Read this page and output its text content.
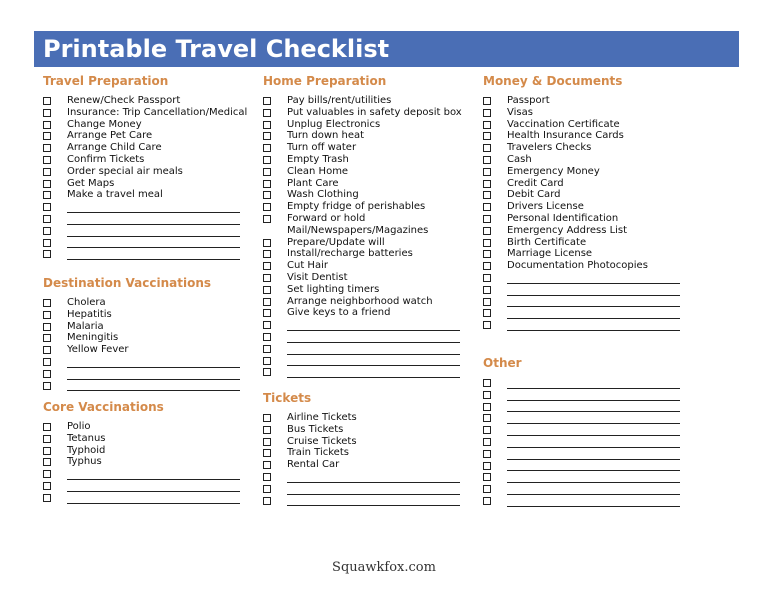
Printable Travel Checklist
Travel Preparation
Renew/Check Passport
Insurance: Trip Cancellation/Medical
Change Money
Arrange Pet Care
Arrange Child Care
Confirm Tickets
Order special air meals
Get Maps
Make a travel meal
Destination Vaccinations
Cholera
Hepatitis
Malaria
Meningitis
Yellow Fever
Core Vaccinations
Polio
Tetanus
Typhoid
Typhus
Home Preparation
Pay bills/rent/utilities
Put valuables in safety deposit box
Unplug Electronics
Turn down heat
Turn off water
Empty Trash
Clean Home
Plant Care
Wash Clothing
Empty fridge of perishables
Forward or hold Mail/Newspapers/Magazines
Prepare/Update will
Install/recharge batteries
Cut Hair
Visit Dentist
Set lighting timers
Arrange neighborhood watch
Give keys to a friend
Tickets
Airline Tickets
Bus Tickets
Cruise Tickets
Train Tickets
Rental Car
Money & Documents
Passport
Visas
Vaccination Certificate
Health Insurance Cards
Travelers Checks
Cash
Emergency Money
Credit Card
Debit Card
Drivers License
Personal Identification
Emergency Address List
Birth Certificate
Marriage License
Documentation Photocopies
Other
Squawkfox.com
